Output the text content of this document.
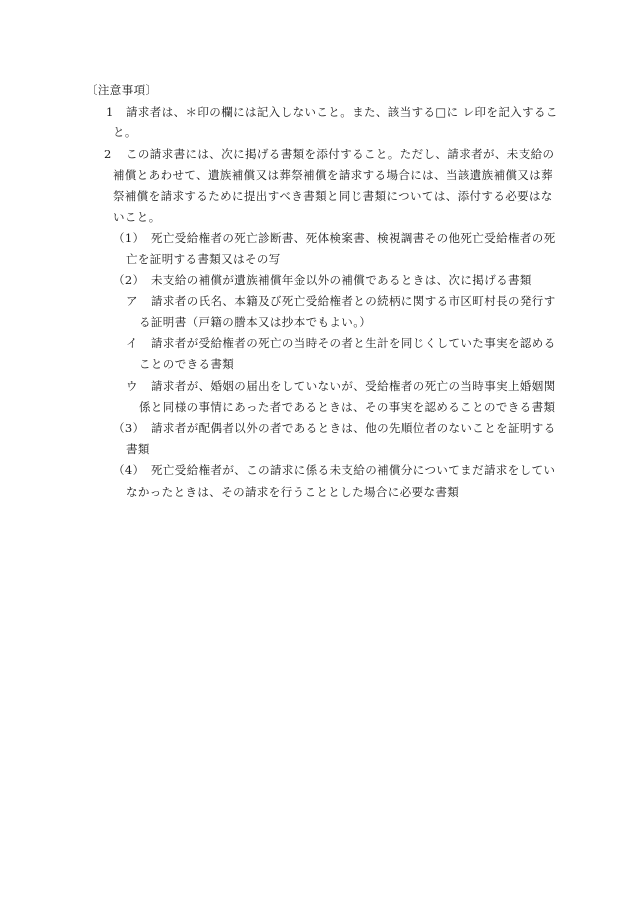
〔注意事項〕
1 請求者は、＊印の欄には記入しないこと。また、該当する□に レ印を記入するこ
と。
2 この請求書には、次に掲げる書類を添付すること。ただし、請求者が、未支給の
補償とあわせて、遺族補償又は葬祭補償を請求する場合には、当該遺族補償又は葬
祭補償を請求するために提出すべき書類と同じ書類については、添付する必要はな
いこと。
（1） 死亡受給権者の死亡診断書、死体検案書、検視調書その他死亡受給権者の死
亡を証明する書類又はその写
（2） 未支給の補償が遺族補償年金以外の補償であるときは、次に掲げる書類
ア 請求者の氏名、本籍及び死亡受給権者との続柄に関する市区町村長の発行す
る証明書（戸籍の謄本又は抄本でもよい。）
イ 請求者が受給権者の死亡の当時その者と生計を同じくしていた事実を認める
ことのできる書類
ウ 請求者が、婚姻の届出をしていないが、受給権者の死亡の当時事実上婚姻関
係と同様の事情にあった者であるときは、その事実を認めることのできる書類
（3） 請求者が配偶者以外の者であるときは、他の先順位者のないことを証明する
書類
（4） 死亡受給権者が、この請求に係る未支給の補償分についてまだ請求をしてい
なかったときは、その請求を行うこととした場合に必要な書類
